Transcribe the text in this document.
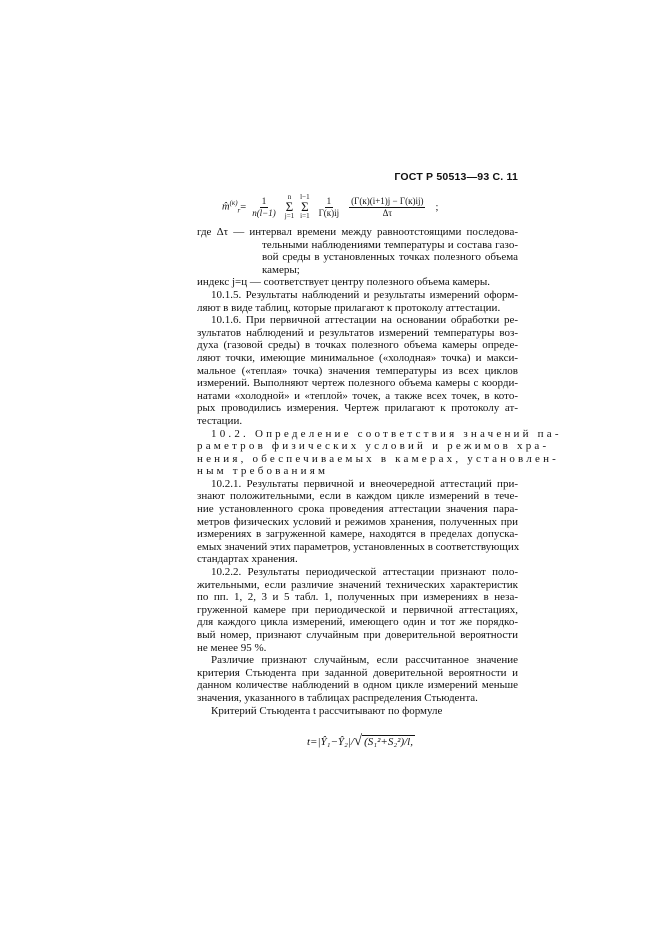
ГОСТ Р 50513—93 С. 11
m̂$^{(к)}_r$ = $\frac{1}{n(l-1)}$ n
Σ
j=1
l−1
Σ
$i=1 \frac{1}{\Gamma(к)ij} \frac{(\Gamma(к)(i+1)j - \Gamma(к)ij)}{\Delta\tau}$ ;
где Δτ — интервал времени между равноотстоящими последова-
тельными наблюдениями температуры и состава газо-
вой среды в установленных точках полезного объема
камеры;
индекс j=ц — соответствует центру полезного объема камеры.
10.1.5. Результаты наблюдений и результаты измерений оформ-
ляют в виде таблиц, которые прилагают к протоколу аттестации.
10.1.6. При первичной аттестации на основании обработки ре-
зультатов наблюдений и результатов измерений температуры воз-
духа (газовой среды) в точках полезного объема камеры опреде-
ляют точки, имеющие минимальное («холодная» точка) и макси-
мальное («теплая» точка) значения температуры из всех циклов
измерений. Выполняют чертеж полезного объема камеры с коорди-
натами «холодной» и «теплой» точек, а также всех точек, в кото-
рых проводились измерения. Чертеж прилагают к протоколу ат-
тестации.
10.2. Определение соответствия значений па-
раметров физических условий и режимов хра-
нения, обеспечиваемых в камерах, установлен-
ным требованиям
10.2.1. Результаты первичной и внеочередной аттестаций при-
знают положительными, если в каждом цикле измерений в тече-
ние установленного срока проведения аттестации значения пара-
метров физических условий и режимов хранения, полученных при
измерениях в загруженной камере, находятся в пределах допуска-
емых значений этих параметров, установленных в соответствующих
стандартах хранения.
10.2.2. Результаты периодической аттестации признают поло-
жительными, если различие значений технических характеристик
по пп. 1, 2, 3 и 5 табл. 1, полученных при измерениях в неза-
груженной камере при периодической и первичной аттестациях,
для каждого цикла измерений, имеющего один и тот же порядко-
вый номер, признают случайным при доверительной вероятности
не менее 95 %.
Различие признают случайным, если рассчитанное значение
критерия Стьюдента при заданной доверительной вероятности и
данном количестве наблюдений в одном цикле измерений меньше
значения, указанного в таблицах распределения Стьюдента.
Критерий Стьюдента t рассчитывают по формуле
t=|Ŷ₁−Ŷ₂|/√ (S₁²+S₂²)/l,
